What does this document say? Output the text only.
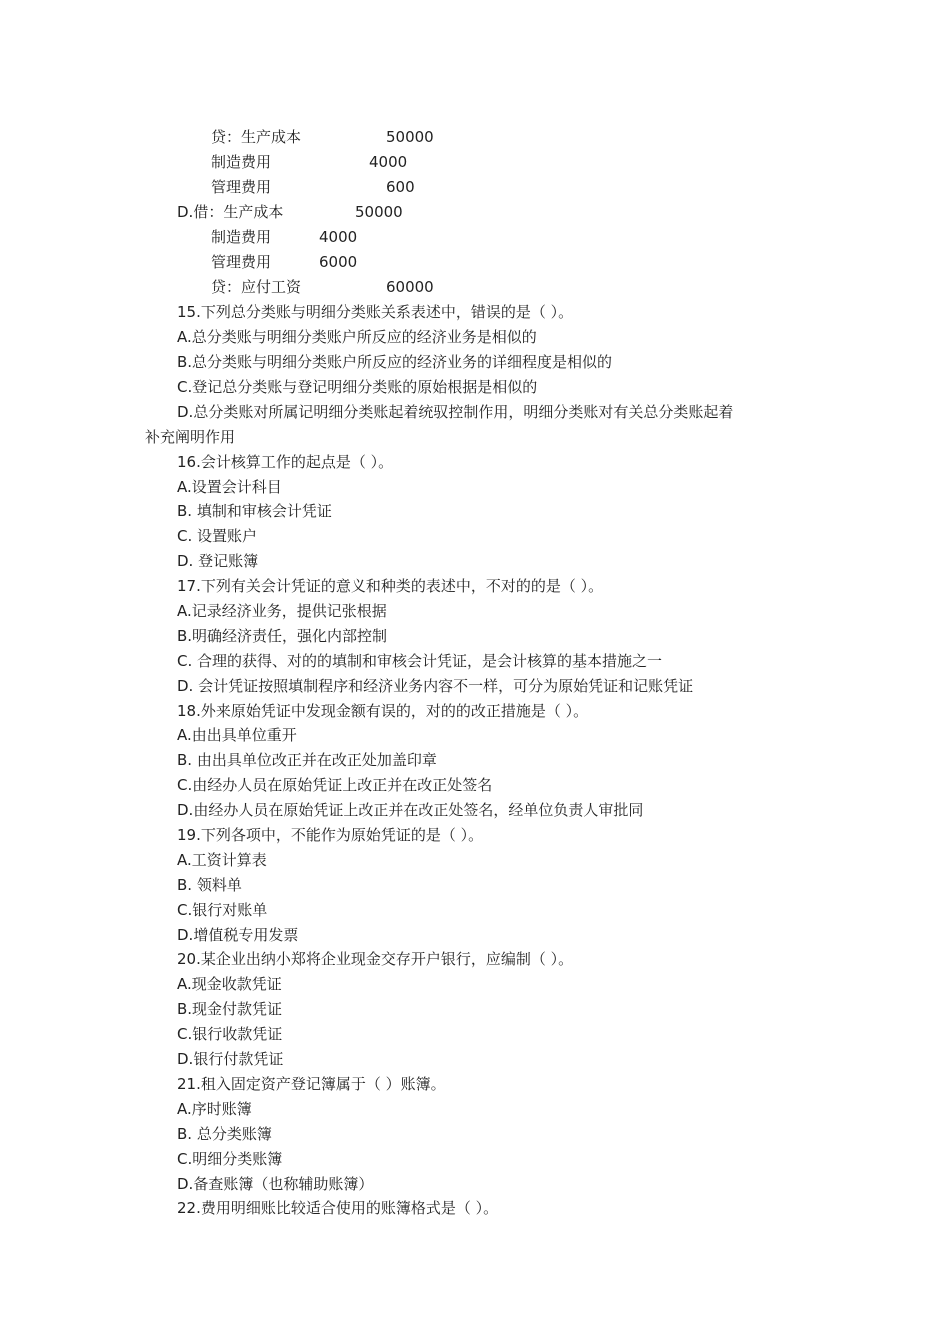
贷：生产成本	50000
制造费用	4000
管理费用	600
D.借：生产成本	50000
制造费用	4000
管理费用	6000
贷：应付工资	60000
15.下列总分类账与明细分类账关系表述中，错误的是（ ）。
A.总分类账与明细分类账户所反应的经济业务是相似的
B.总分类账与明细分类账户所反应的经济业务的详细程度是相似的
C.登记总分类账与登记明细分类账的原始根据是相似的
D.总分类账对所属记明细分类账起着统驭控制作用，明细分类账对有关总分类账起着
补充阐明作用
16.会计核算工作的起点是（ ）。
A.设置会计科目
B. 填制和审核会计凭证
C. 设置账户
D. 登记账簿
17.下列有关会计凭证的意义和种类的表述中，不对的的是（ ）。
A.记录经济业务，提供记张根据
B.明确经济责任，强化内部控制
C. 合理的获得、对的的填制和审核会计凭证，是会计核算的基本措施之一
D. 会计凭证按照填制程序和经济业务内容不一样，可分为原始凭证和记账凭证
18.外来原始凭证中发现金额有误的，对的的改正措施是（ ）。
A.由出具单位重开
B. 由出具单位改正并在改正处加盖印章
C.由经办人员在原始凭证上改正并在改正处签名
D.由经办人员在原始凭证上改正并在改正处签名，经单位负责人审批同
19.下列各项中，不能作为原始凭证的是（ ）。
A.工资计算表
B. 领料单
C.银行对账单
D.增值税专用发票
20.某企业出纳小郑将企业现金交存开户银行，应编制（ ）。
A.现金收款凭证
B.现金付款凭证
C.银行收款凭证
D.银行付款凭证
21.租入固定资产登记簿属于（ ）账簿。
A.序时账簿
B. 总分类账簿
C.明细分类账簿
D.备查账簿（也称辅助账簿）
22.费用明细账比较适合使用的账簿格式是（ ）。
